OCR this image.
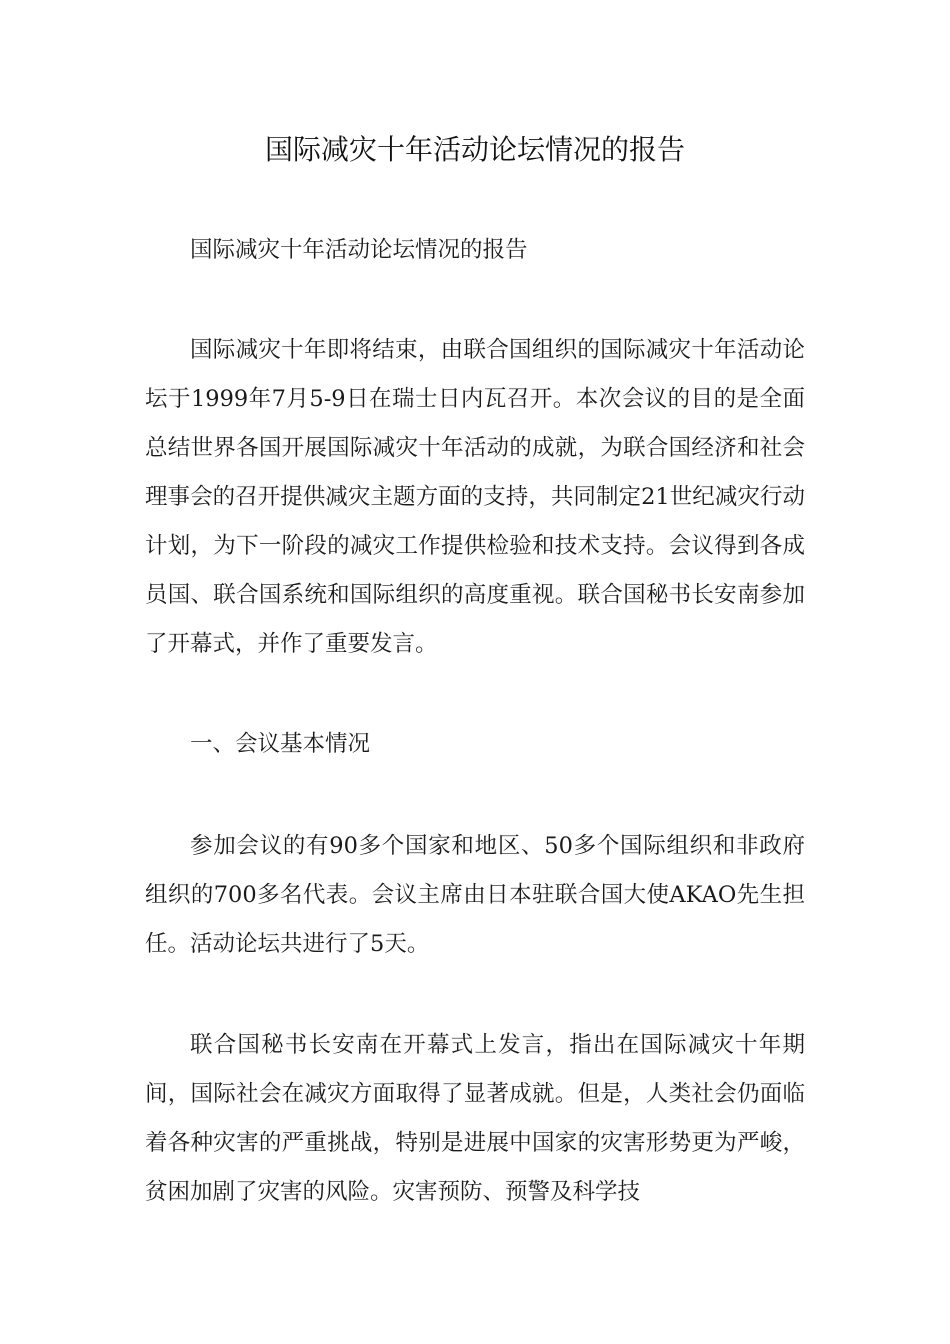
国际减灾十年活动论坛情况的报告

国际减灾十年活动论坛情况的报告

国际减灾十年即将结束，由联合国组织的国际减灾十年活动论坛于1999年7月5-9日在瑞士日内瓦召开。本次会议的目的是全面总结世界各国开展国际减灾十年活动的成就，为联合国经济和社会理事会的召开提供减灾主题方面的支持，共同制定21世纪减灾行动计划，为下一阶段的减灾工作提供检验和技术支持。会议得到各成员国、联合国系统和国际组织的高度重视。联合国秘书长安南参加了开幕式，并作了重要发言。

一、会议基本情况

参加会议的有90多个国家和地区、50多个国际组织和非政府组织的700多名代表。会议主席由日本驻联合国大使AKAO先生担任。活动论坛共进行了5天。

联合国秘书长安南在开幕式上发言，指出在国际减灾十年期间，国际社会在减灾方面取得了显著成就。但是，人类社会仍面临着各种灾害的严重挑战，特别是进展中国家的灾害形势更为严峻，贫困加剧了灾害的风险。灾害预防、预警及科学技
